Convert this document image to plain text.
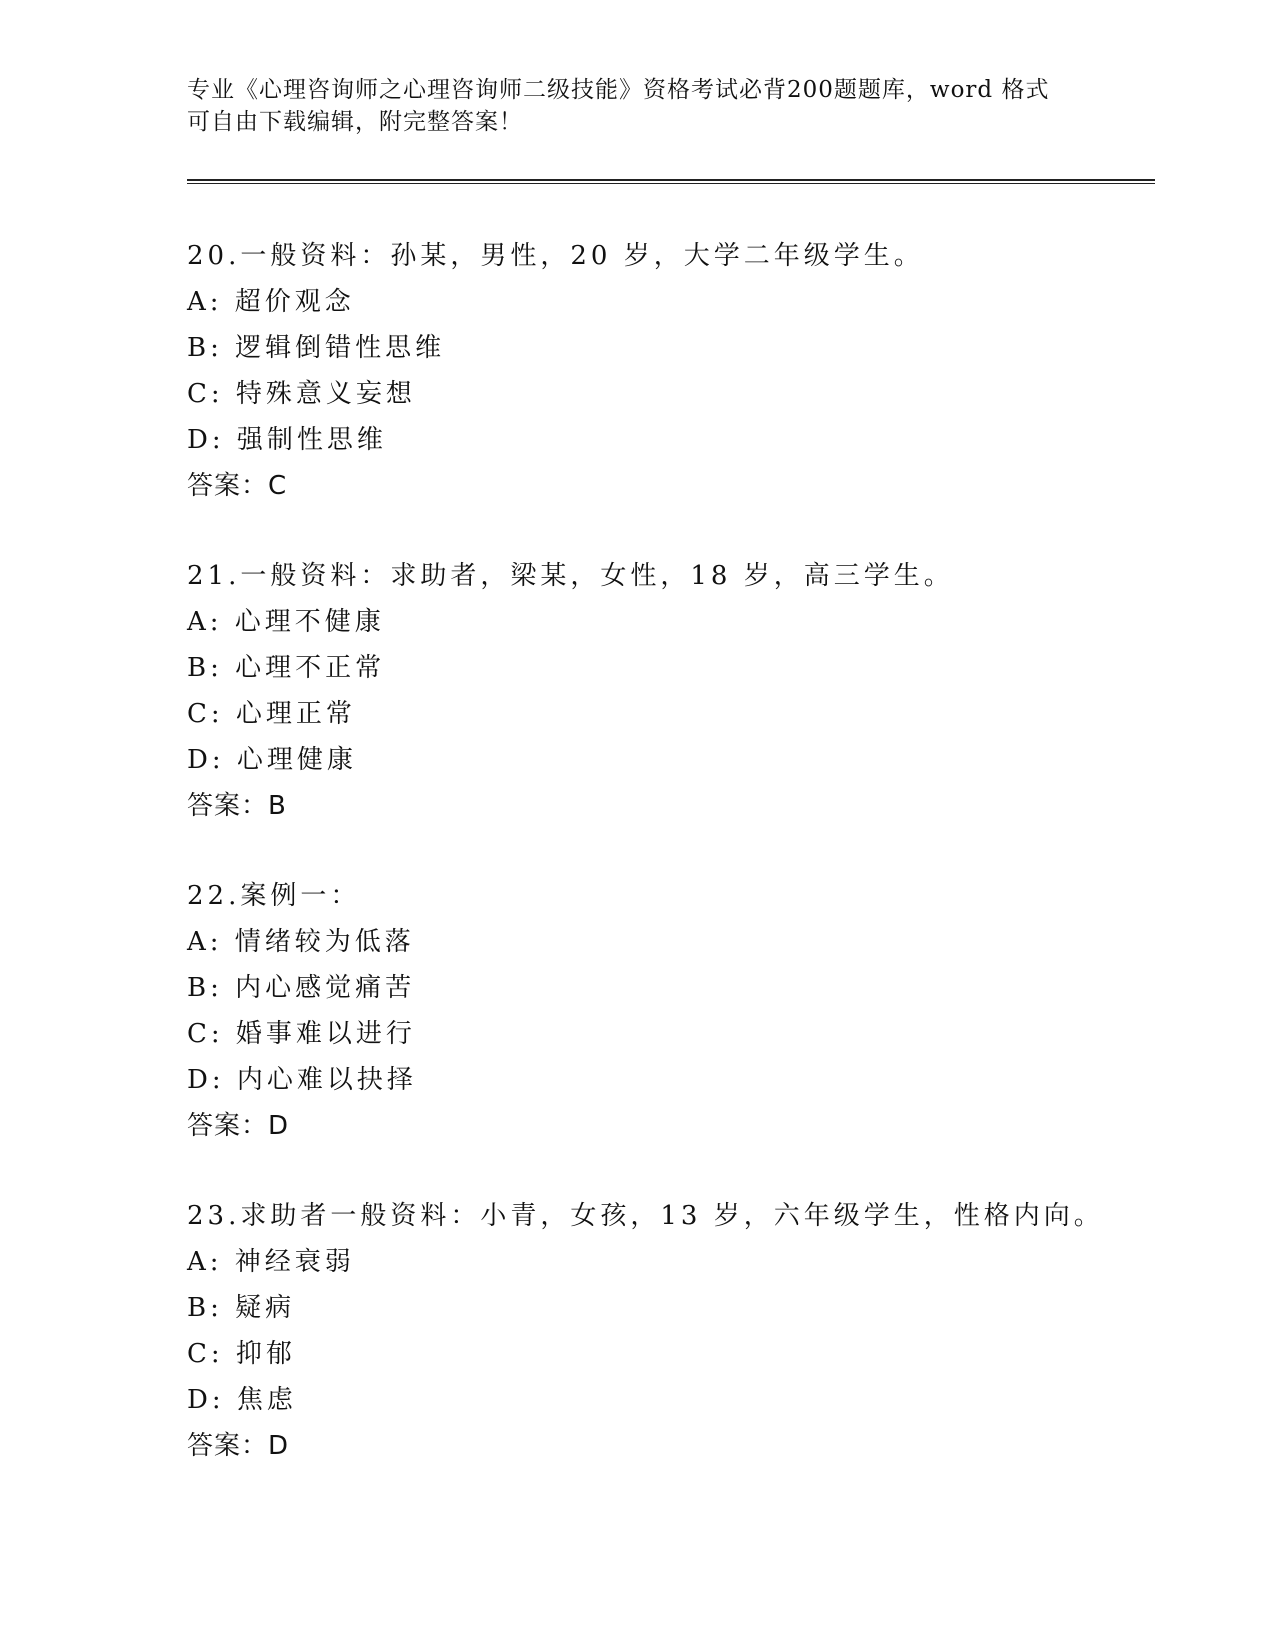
专业《心理咨询师之心理咨询师二级技能》资格考试必背200题题库，word 格式
可自由下载编辑，附完整答案！
20.一般资料：孙某，男性，20 岁，大学二年级学生。
A: 超价观念
B: 逻辑倒错性思维
C: 特殊意义妄想
D: 强制性思维
答案：C
21.一般资料：求助者，梁某，女性，18 岁，高三学生。
A: 心理不健康
B: 心理不正常
C: 心理正常
D: 心理健康
答案：B
22.案例一：
A: 情绪较为低落
B: 内心感觉痛苦
C: 婚事难以进行
D: 内心难以抉择
答案：D
23.求助者一般资料：小青，女孩，13 岁，六年级学生，性格内向。
A: 神经衰弱
B: 疑病
C: 抑郁
D: 焦虑
答案：D
